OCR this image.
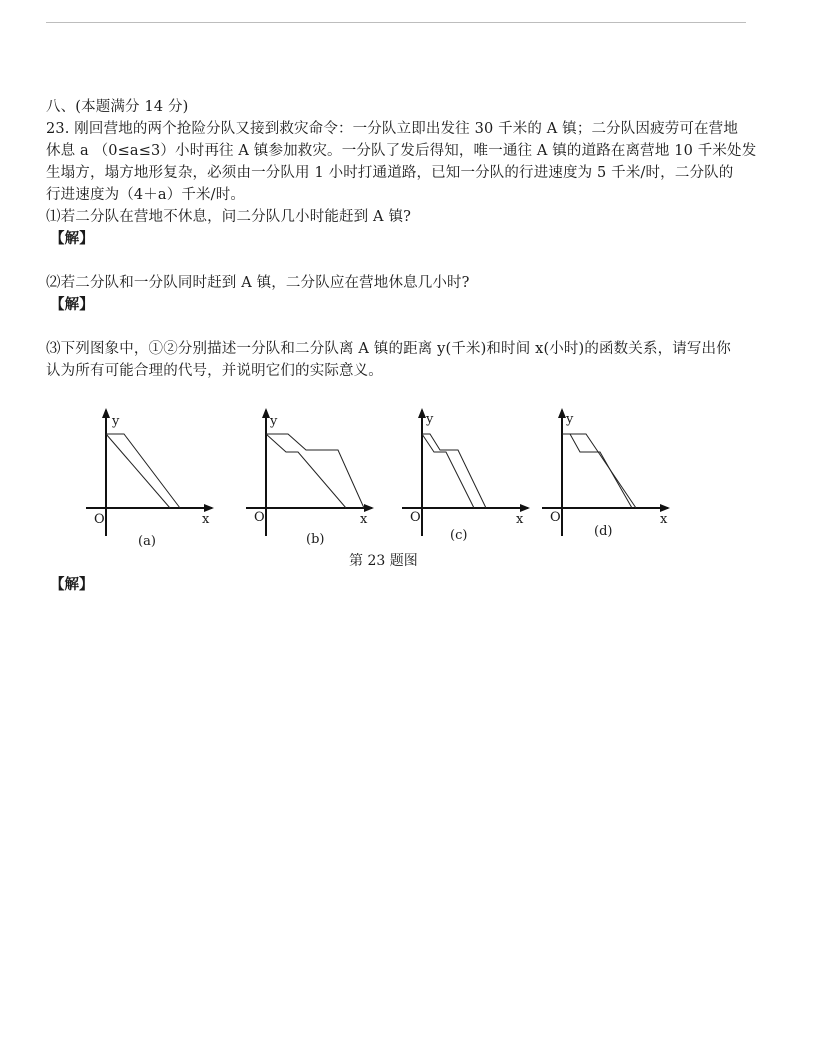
八、(本题满分 14 分)

23. 刚回营地的两个抢险分队又接到救灾命令：一分队立即出发往 30 千米的 A 镇；二分队因疲劳可在营地

休息 a （0≤a≤3）小时再往 A 镇参加救灾。一分队了发后得知，唯一通往 A 镇的道路在离营地 10 千米处发

生塌方，塌方地形复杂，必须由一分队用 1 小时打通道路，已知一分队的行进速度为 5 千米/时，二分队的

行进速度为（4＋a）千米/时。

⑴若二分队在营地不休息，问二分队几小时能赶到 A 镇?

【解】

⑵若二分队和一分队同时赶到 A 镇，二分队应在营地休息几小时?

【解】

⑶下列图象中，①②分别描述一分队和二分队离 A 镇的距离 y(千米)和时间 x(小时)的函数关系，请写出你

认为所有可能合理的代号，并说明它们的实际意义。

y
x
O
(a)
y
x
O
(b)
y
x
O
(c)
y
x
O
(d)
第 23 题图
【解】
